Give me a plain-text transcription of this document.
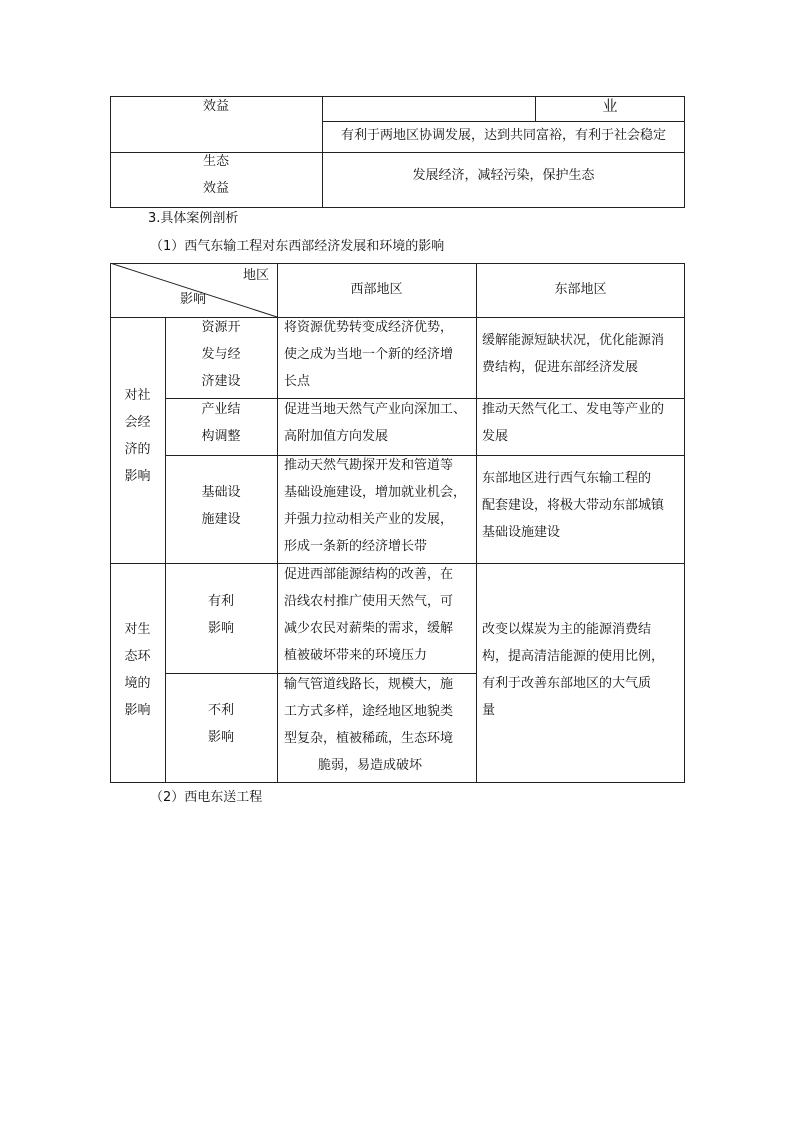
效益	业
有利于两地区协调发展，达到共同富裕，有利于社会稳定
生态
效益
发展经济，减轻污染，保护生态
3.具体案例剖析
（1）西气东输工程对东西部经济发展和环境的影响
地区
影响
西部地区	东部地区
对社
会经
济的
影响
对生
态环
境的
影响
资源开
发与经
济建设
将资源优势转变成经济优势，
使之成为当地一个新的经济增
长点
缓解能源短缺状况，优化能源消
费结构，促进东部经济发展
产业结
构调整
促进当地天然气产业向深加工、
高附加值方向发展
推动天然气化工、发电等产业的
发展
基础设
施建设
推动天然气勘探开发和管道等
基础设施建设，增加就业机会，
并强力拉动相关产业的发展，
形成一条新的经济增长带
东部地区进行西气东输工程的
配套建设，将极大带动东部城镇
基础设施建设
有利
影响
促进西部能源结构的改善，在
沿线农村推广使用天然气，可
减少农民对薪柴的需求，缓解
植被破坏带来的环境压力
不利
影响
输气管道线路长，规模大，施
工方式多样，途经地区地貌类
型复杂，植被稀疏，生态环境
脆弱，易造成破坏
改变以煤炭为主的能源消费结
构，提高清洁能源的使用比例，
有利于改善东部地区的大气质
量
（2）西电东送工程
